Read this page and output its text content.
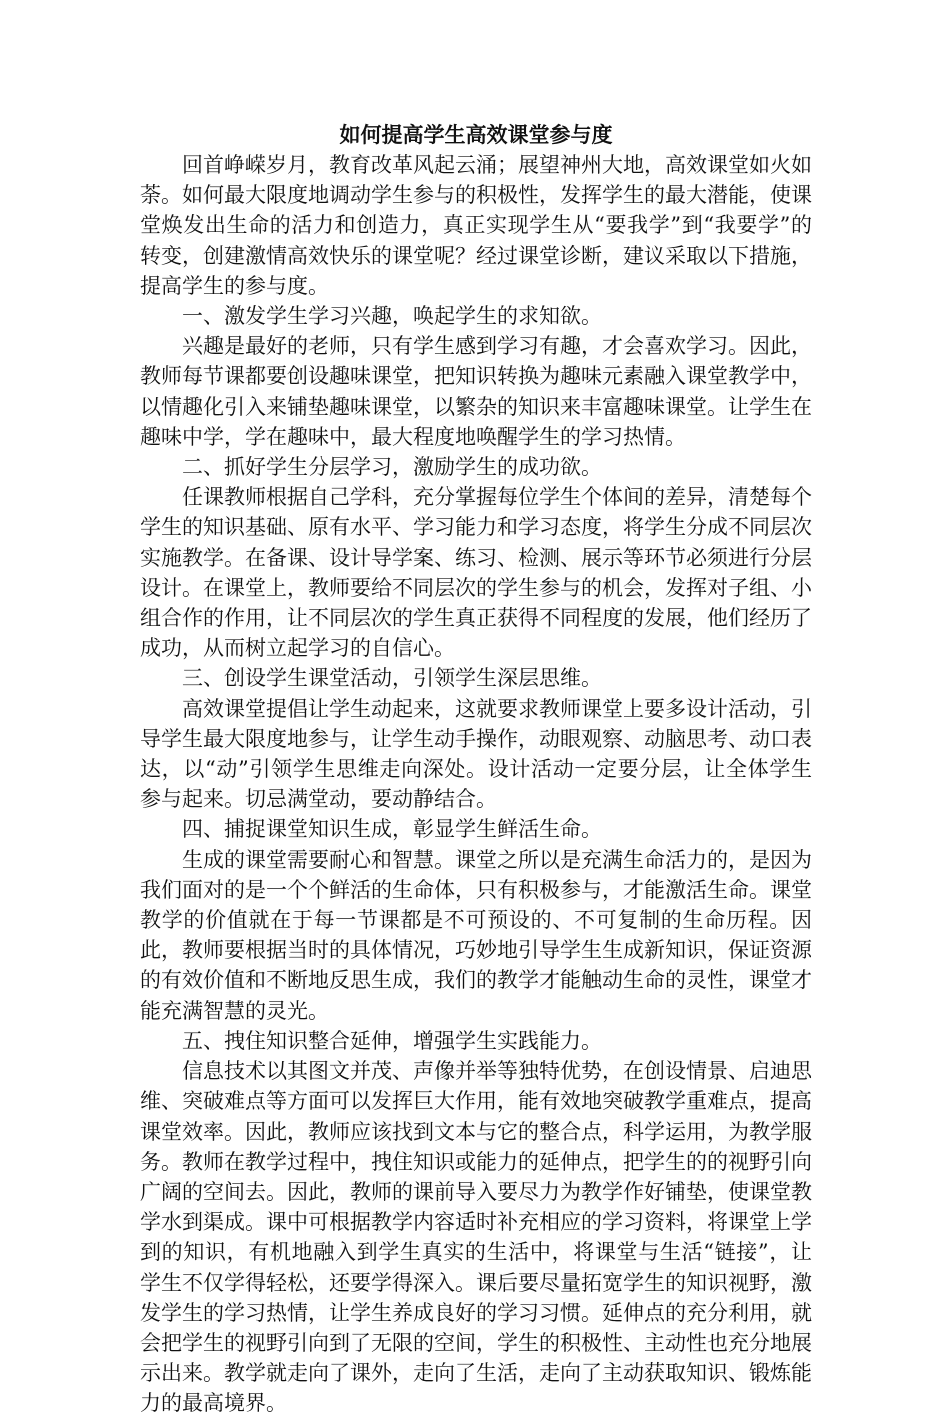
如何提高学生高效课堂参与度

回首峥嵘岁月，教育改革风起云涌；展望神州大地，高效课堂如火如荼。如何最大限度地调动学生参与的积极性，发挥学生的最大潜能，使课堂焕发出生命的活力和创造力，真正实现学生从“要我学”到“我要学”的转变，创建激情高效快乐的课堂呢？经过课堂诊断，建议采取以下措施，提高学生的参与度。

一、激发学生学习兴趣，唤起学生的求知欲。

兴趣是最好的老师，只有学生感到学习有趣，才会喜欢学习。因此，教师每节课都要创设趣味课堂，把知识转换为趣味元素融入课堂教学中，以情趣化引入来铺垫趣味课堂，以繁杂的知识来丰富趣味课堂。让学生在趣味中学，学在趣味中，最大程度地唤醒学生的学习热情。

二、抓好学生分层学习，激励学生的成功欲。

任课教师根据自己学科，充分掌握每位学生个体间的差异，清楚每个学生的知识基础、原有水平、学习能力和学习态度，将学生分成不同层次实施教学。在备课、设计导学案、练习、检测、展示等环节必须进行分层设计。在课堂上，教师要给不同层次的学生参与的机会，发挥对子组、小组合作的作用，让不同层次的学生真正获得不同程度的发展，他们经历了成功，从而树立起学习的自信心。

三、创设学生课堂活动，引领学生深层思维。

高效课堂提倡让学生动起来，这就要求教师课堂上要多设计活动，引导学生最大限度地参与，让学生动手操作，动眼观察、动脑思考、动口表达，以“动”引领学生思维走向深处。设计活动一定要分层，让全体学生参与起来。切忌满堂动，要动静结合。

四、捕捉课堂知识生成，彰显学生鲜活生命。

生成的课堂需要耐心和智慧。课堂之所以是充满生命活力的，是因为我们面对的是一个个鲜活的生命体，只有积极参与，才能激活生命。课堂教学的价值就在于每一节课都是不可预设的、不可复制的生命历程。因此，教师要根据当时的具体情况，巧妙地引导学生生成新知识，保证资源的有效价值和不断地反思生成，我们的教学才能触动生命的灵性，课堂才能充满智慧的灵光。

五、拽住知识整合延伸，增强学生实践能力。

信息技术以其图文并茂、声像并举等独特优势，在创设情景、启迪思维、突破难点等方面可以发挥巨大作用，能有效地突破教学重难点，提高课堂效率。因此，教师应该找到文本与它的整合点，科学运用，为教学服务。教师在教学过程中，拽住知识或能力的延伸点，把学生的的视野引向广阔的空间去。因此，教师的课前导入要尽力为教学作好铺垫，使课堂教学水到渠成。课中可根据教学内容适时补充相应的学习资料，将课堂上学到的知识，有机地融入到学生真实的生活中，将课堂与生活“链接”，让学生不仅学得轻松，还要学得深入。课后要尽量拓宽学生的知识视野，激发学生的学习热情，让学生养成良好的学习习惯。延伸点的充分利用，就会把学生的视野引向到了无限的空间，学生的积极性、主动性也充分地展示出来。教学就走向了课外，走向了生活，走向了主动获取知识、锻炼能力的最高境界。
